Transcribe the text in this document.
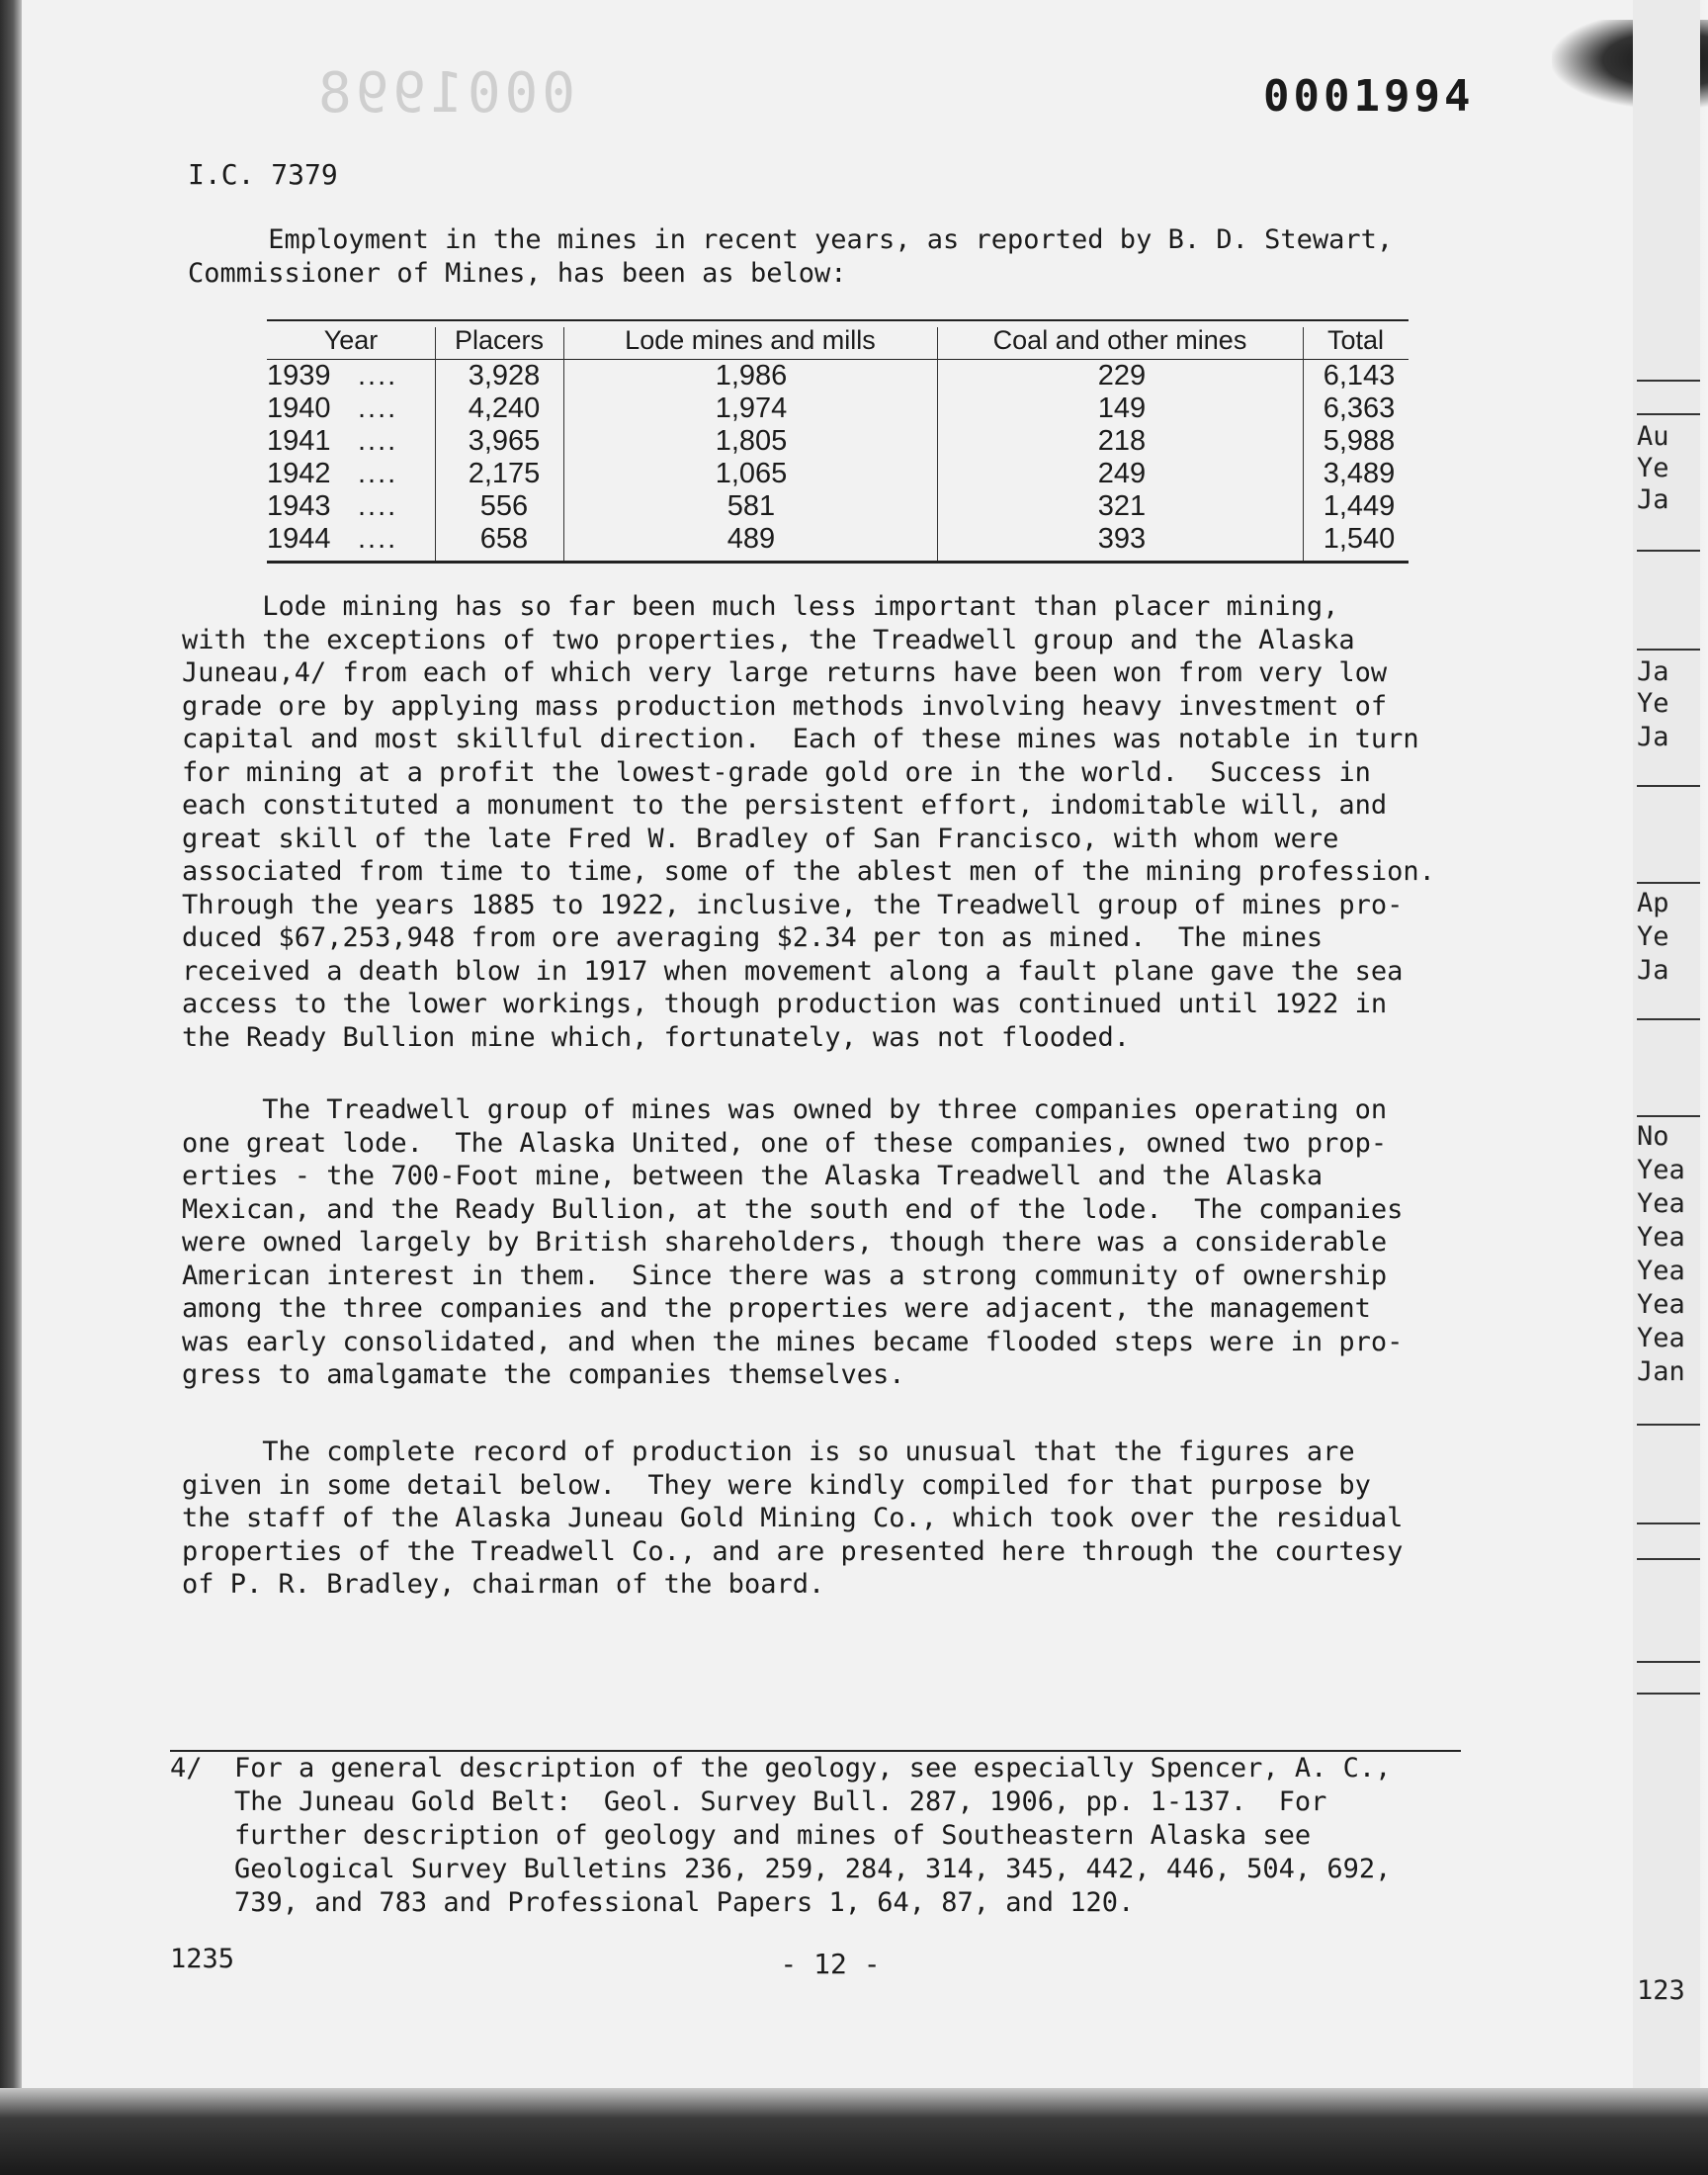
0001998	0001994
I.C. 7379

Employment in the mines in recent years, as reported by B. D. Stewart,
Commissioner of Mines, has been as below:

Year	Placers	Lode mines and mills	Coal and other mines	Total
1939 ....	3,928	1,986	229	6,143
1940 ....	4,240	1,974	149	6,363
1941 ....	3,965	1,805	218	5,988
1942 ....	2,175	1,065	249	3,489
1943 ....	556	581	321	1,449
1944 ....	658	489	393	1,540

Lode mining has so far been much less important than placer mining,
with the exceptions of two properties, the Treadwell group and the Alaska
Juneau,4/ from each of which very large returns have been won from very low
grade ore by applying mass production methods involving heavy investment of
capital and most skillful direction.  Each of these mines was notable in turn
for mining at a profit the lowest-grade gold ore in the world.  Success in
each constituted a monument to the persistent effort, indomitable will, and
great skill of the late Fred W. Bradley of San Francisco, with whom were
associated from time to time, some of the ablest men of the mining profession.
Through the years 1885 to 1922, inclusive, the Treadwell group of mines pro-
duced $67,253,948 from ore averaging $2.34 per ton as mined.  The mines
received a death blow in 1917 when movement along a fault plane gave the sea
access to the lower workings, though production was continued until 1922 in
the Ready Bullion mine which, fortunately, was not flooded.

The Treadwell group of mines was owned by three companies operating on
one great lode.  The Alaska United, one of these companies, owned two prop-
erties - the 700-Foot mine, between the Alaska Treadwell and the Alaska
Mexican, and the Ready Bullion, at the south end of the lode.  The companies
were owned largely by British shareholders, though there was a considerable
American interest in them.  Since there was a strong community of ownership
among the three companies and the properties were adjacent, the management
was early consolidated, and when the mines became flooded steps were in pro-
gress to amalgamate the companies themselves.

The complete record of production is so unusual that the figures are
given in some detail below.  They were kindly compiled for that purpose by
the staff of the Alaska Juneau Gold Mining Co., which took over the residual
properties of the Treadwell Co., and are presented here through the courtesy
of P. R. Bradley, chairman of the board.

4/  For a general description of the geology, see especially Spencer, A. C.,
The Juneau Gold Belt:  Geol. Survey Bull. 287, 1906, pp. 1-137.  For
further description of geology and mines of Southeastern Alaska see
Geological Survey Bulletins 236, 259, 284, 314, 345, 442, 446, 504, 692,
739, and 783 and Professional Papers 1, 64, 87, and 120.

1235	- 12 -
Au
Ye
Ja
Ja
Ye
Ja
Ap
Ye
Ja
No
Yea
Yea
Yea
Yea
Yea
Yea
Jan
123
